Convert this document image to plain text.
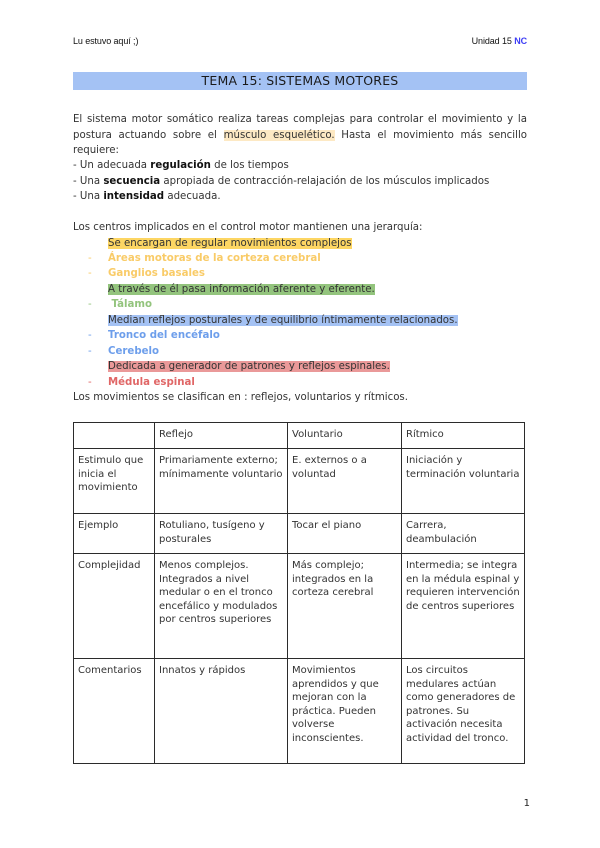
Lu estuvo aquí ;)	Unidad 15 NC
TEMA 15: SISTEMAS MOTORES
El sistema motor somático realiza tareas complejas para controlar el movimiento y la postura actuando sobre el músculo esquelético. Hasta el movimiento más sencillo requiere:
- Un adecuada regulación de los tiempos
- Una secuencia apropiada de contracción-relajación de los músculos implicados
- Una intensidad adecuada.
Los centros implicados en el control motor mantienen una jerarquía:
Se encargan de regular movimientos complejos
- Áreas motoras de la corteza cerebral
- Ganglios basales
A través de él pasa información aferente y eferente.
- Tálamo
Median reflejos posturales y de equilibrio íntimamente relacionados.
- Tronco del encéfalo
- Cerebelo
Dedicada a generador de patrones y reflejos espinales.
- Médula espinal
Los movimientos se clasifican en : reflejos, voluntarios y rítmicos.
	Reflejo	Voluntario	Rítmico
Estimulo que inicia el movimiento	Primariamente externo; mínimamente voluntario	E. externos o a voluntad	Iniciación y terminación voluntaria
Ejemplo	Rotuliano, tusígeno y posturales	Tocar el piano	Carrera, deambulación
Complejidad	Menos complejos. Integrados a nivel medular o en el tronco encefálico y modulados por centros superiores	Más complejo; integrados en la corteza cerebral	Intermedia; se integra en la médula espinal y requieren intervención de centros superiores
Comentarios	Innatos y rápidos	Movimientos aprendidos y que mejoran con la práctica. Pueden volverse inconscientes.	Los circuitos medulares actúan como generadores de patrones. Su activación necesita actividad del tronco.
1
